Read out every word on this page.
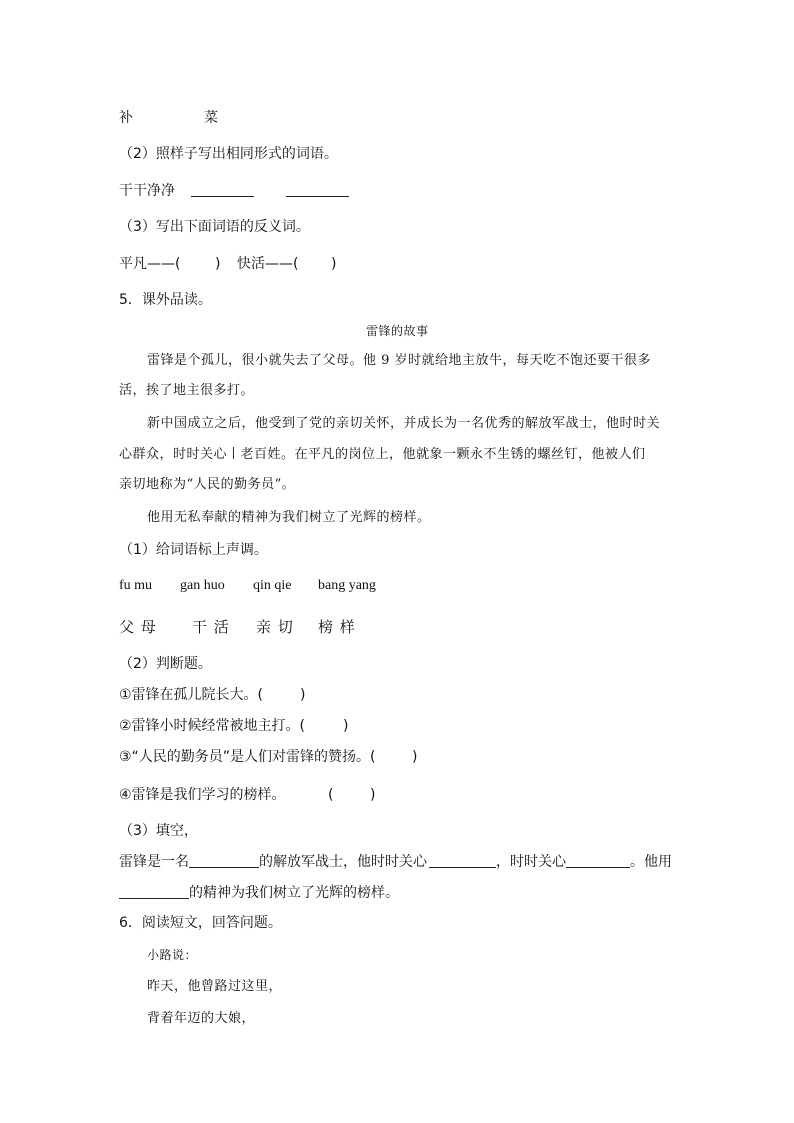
补	菜
（2）照样子写出相同形式的词语。
干干净净
（3）写出下面词语的反义词。
平凡——( ) 快活——( )
5．课外品读。
雷锋的故事
雷锋是个孤儿，很小就失去了父母。他 9 岁时就给地主放牛，每天吃不饱还要干很多
活，挨了地主很多打。
新中国成立之后，他受到了党的亲切关怀，并成长为一名优秀的解放军战士，他时时关
心群众，时时关心丨老百姓。在平凡的岗位上，他就象一颗永不生锈的螺丝钉，他被人们
亲切地称为“人民的勤务员”。
他用无私奉献的精神为我们树立了光辉的榜样。
（1）给词语标上声调。
fu mu gan huo qin qie bang yang
父 母 干 活 亲 切 榜 样
（2）判断题。
①雷锋在孤儿院长大。(	)
②雷锋小时候经常被地主打。(	)
③“人民的勤务员”是人们对雷锋的赞扬。(	)
④雷锋是我们学习的榜样。	(	)
（3）填空，
雷锋是一名	的解放军战士，他时时关心	，时时关心	。他用
的精神为我们树立了光辉的榜样。
6．阅读短文，回答问题。
小路说：
昨天，他曾路过这里，
背着年迈的大娘，
